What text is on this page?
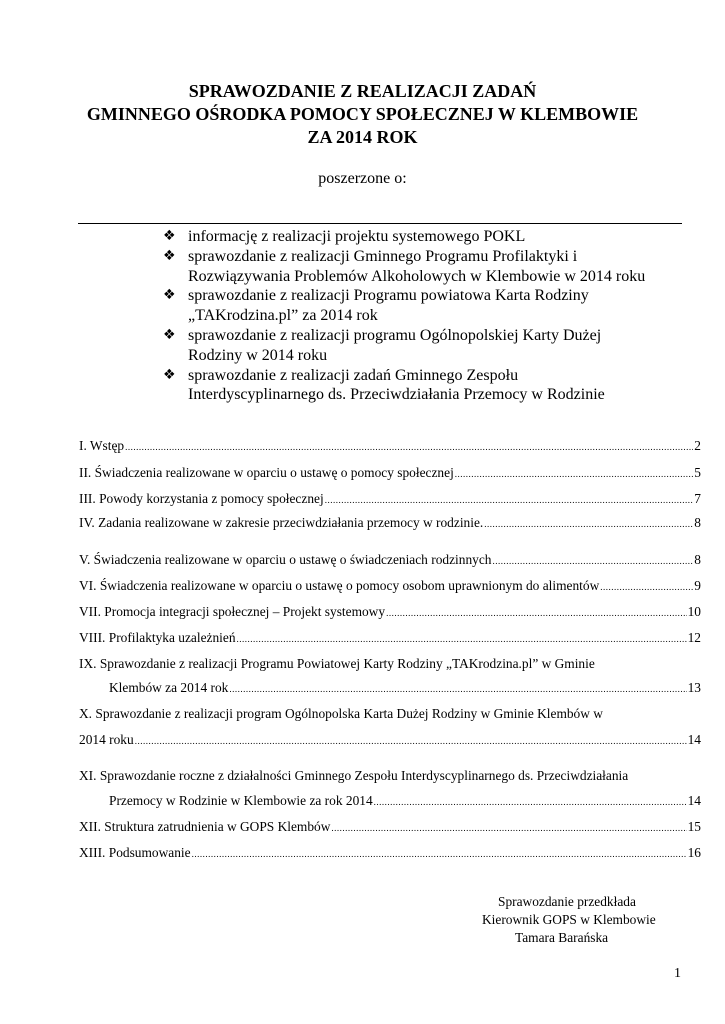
SPRAWOZDANIE Z REALIZACJI ZADAŃ
GMINNEGO OŚRODKA POMOCY SPOŁECZNEJ W KLEMBOWIE
ZA 2014 ROK
poszerzone o:
❖ informację z realizacji projektu systemowego POKL
❖ sprawozdanie z realizacji Gminnego Programu Profilaktyki i
Rozwiązywania Problemów Alkoholowych w Klembowie w 2014 roku
❖ sprawozdanie z realizacji Programu powiatowa Karta Rodziny
„TAKrodzina.pl” za 2014 rok
❖ sprawozdanie z realizacji programu Ogólnopolskiej Karty Dużej
Rodziny w 2014 roku
❖ sprawozdanie z realizacji zadań Gminnego Zespołu
Interdyscyplinarnego ds. Przeciwdziałania Przemocy w Rodzinie
I. Wstęp .....	2
II. Świadczenia realizowane w oparciu o ustawę o pomocy społecznej .....	5
III. Powody korzystania z pomocy społecznej .....	7
IV. Zadania realizowane w zakresie przeciwdziałania przemocy w rodzinie. .....	8
V. Świadczenia realizowane w oparciu o ustawę o świadczeniach rodzinnych .....	8
VI. Świadczenia realizowane w oparciu o ustawę o pomocy osobom uprawnionym do alimentów .....	9
VII. Promocja integracji społecznej – Projekt systemowy .....	10
VIII. Profilaktyka uzależnień .....	12
IX. Sprawozdanie z realizacji Programu Powiatowej Karty Rodziny „TAKrodzina.pl” w Gminie
Klembów za 2014 rok .....	13
X. Sprawozdanie z realizacji program Ogólnopolska Karta Dużej Rodziny w Gminie Klembów w
2014 roku .....	14
XI. Sprawozdanie roczne z działalności Gminnego Zespołu Interdyscyplinarnego ds. Przeciwdziałania
Przemocy w Rodzinie w Klembowie za rok 2014 .....	14
XII. Struktura zatrudnienia w GOPS Klembów .....	15
XIII. Podsumowanie .....	16
Sprawozdanie przedkłada
Kierownik GOPS w Klembowie
Tamara Barańska
1
